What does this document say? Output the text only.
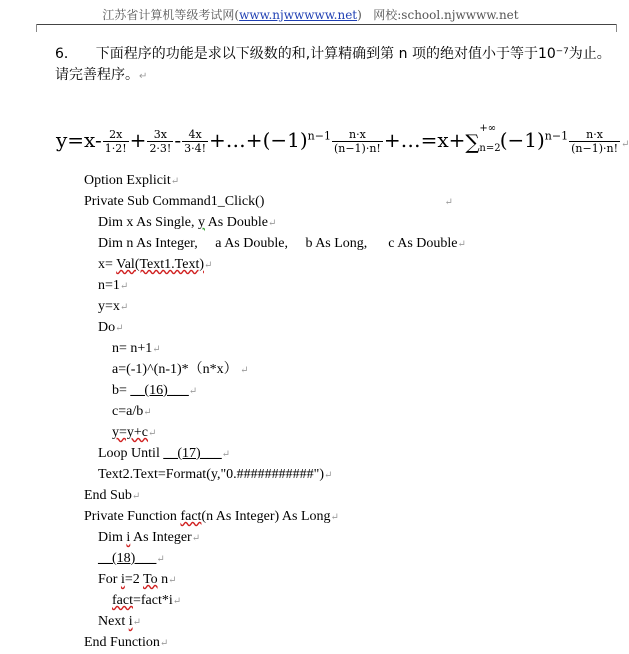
江苏省计算机等级考试网(www.njwwwww.net)   网校:school.njwwww.net
6． 下面程序的功能是求以下级数的和,计算精确到第 n 项的绝对值小于等于10⁻⁷为止。请完善程序。↵
$y=x- \frac{2x}{1\cdot 2!} + \frac{3x}{2\cdot 3!} - \frac{4x}{3\cdot 4!}$ $+\dots+(-1)^{n-1} \frac{n\cdot x}{(n-1)\cdot n!}$ +…=x+∑
+∞
n=2 $(-1)^{n-1} \frac{n\cdot x}{(n-1)\cdot n!}$ ↵
Option Explicit↵
Private Sub Command1_Click()	↵
Dim x As Single, y As Double↵
Dim n As Integer,     a As Double,     b As Long,      c As Double↵
x= Val(Text1.Text)↵
n=1↵
y=x↵
Do↵
n= n+1↵
a=(-1)^(n-1)*（n*x） ↵
b= __(16)___↵
c=a/b↵
y=y+c↵
Loop Until __(17)___↵
Text2.Text=Format(y,"0.###########")↵
End Sub↵
Private Function fact(n As Integer) As Long↵
Dim i As Integer↵
__(18)___↵
For i=2 To n↵
fact=fact*i↵
Next i↵
End Function↵
